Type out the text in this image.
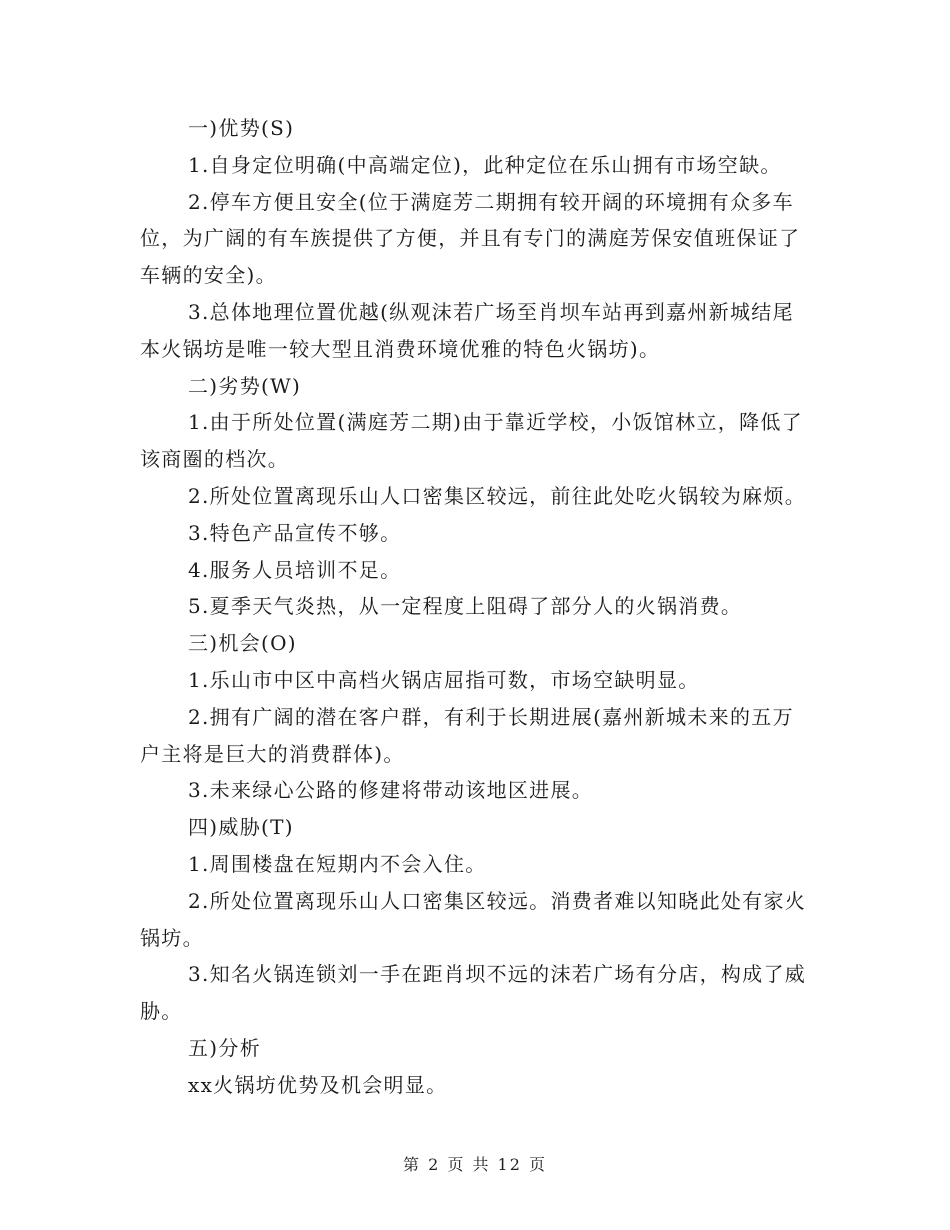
一)优势(S)

1.自身定位明确(中高端定位)，此种定位在乐山拥有市场空缺。

2.停车方便且安全(位于满庭芳二期拥有较开阔的环境拥有众多车位，为广阔的有车族提供了方便，并且有专门的满庭芳保安值班保证了车辆的安全)。

3.总体地理位置优越(纵观沫若广场至肖坝车站再到嘉州新城结尾本火锅坊是唯一较大型且消费环境优雅的特色火锅坊)。

二)劣势(W)

1.由于所处位置(满庭芳二期)由于靠近学校，小饭馆林立，降低了该商圈的档次。

2.所处位置离现乐山人口密集区较远，前往此处吃火锅较为麻烦。

3.特色产品宣传不够。

4.服务人员培训不足。

5.夏季天气炎热，从一定程度上阻碍了部分人的火锅消费。

三)机会(O)

1.乐山市中区中高档火锅店屈指可数，市场空缺明显。

2.拥有广阔的潜在客户群，有利于长期进展(嘉州新城未来的五万户主将是巨大的消费群体)。

3.未来绿心公路的修建将带动该地区进展。

四)威胁(T)

1.周围楼盘在短期内不会入住。

2.所处位置离现乐山人口密集区较远。消费者难以知晓此处有家火锅坊。

3.知名火锅连锁刘一手在距肖坝不远的沫若广场有分店，构成了威胁。

五)分析

xx火锅坊优势及机会明显。

第 2 页 共 12 页
